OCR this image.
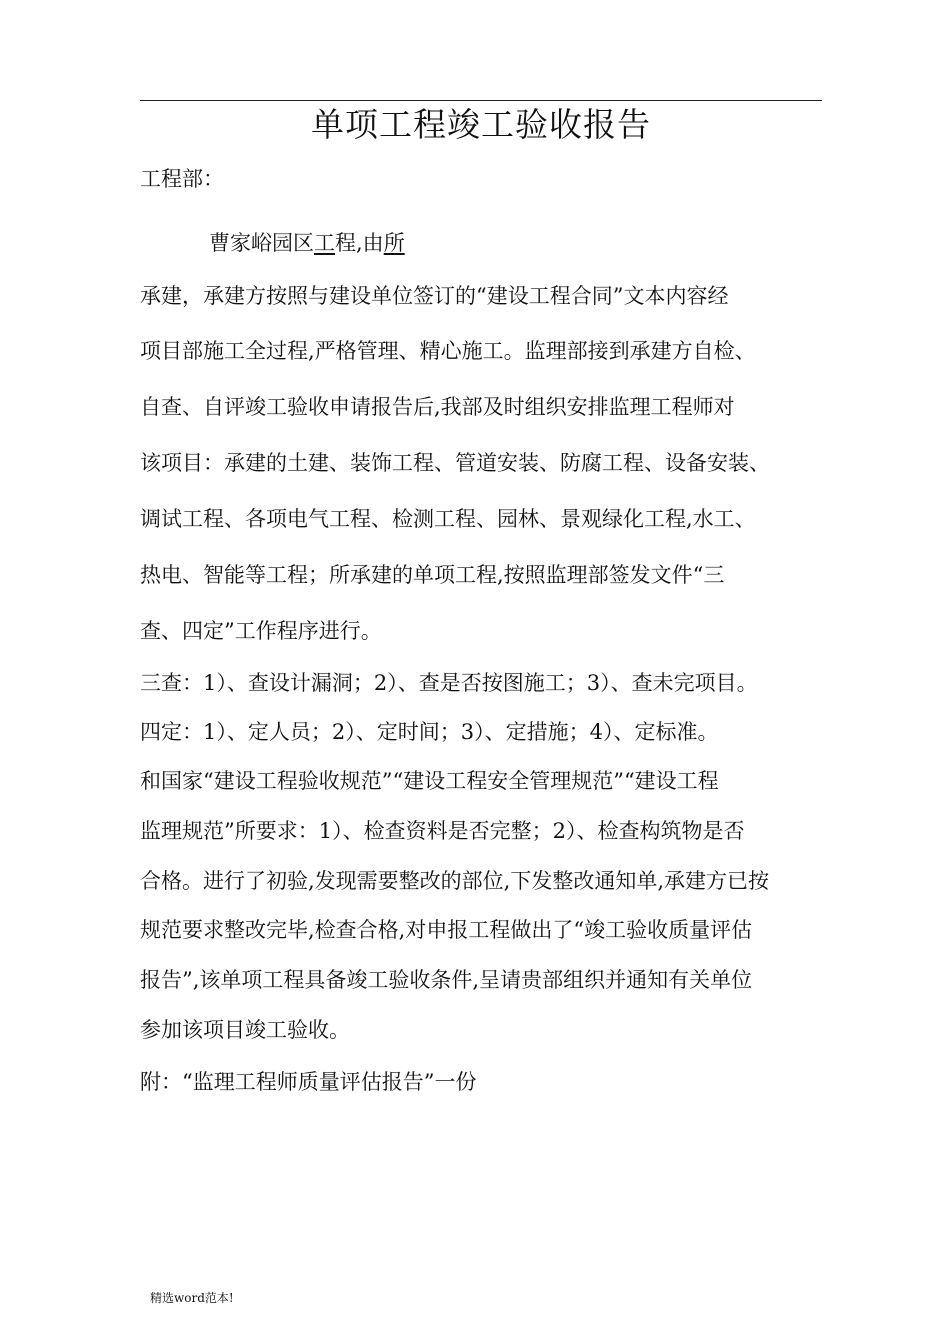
单项工程竣工验收报告
工程部：
曹家峪园区工程,由所
承建，承建方按照与建设单位签订的“建设工程合同”文本内容经
项目部施工全过程,严格管理、精心施工。监理部接到承建方自检、
自查、自评竣工验收申请报告后,我部及时组织安排监理工程师对
该项目：承建的土建、装饰工程、管道安装、防腐工程、设备安装、
调试工程、各项电气工程、检测工程、园林、景观绿化工程,水工、
热电、智能等工程；所承建的单项工程,按照监理部签发文件“三
查、四定”工作程序进行。
三查：1）、查设计漏洞；2）、查是否按图施工；3）、查未完项目。
四定：1）、定人员；2）、定时间；3）、定措施；4）、定标准。
和国家“建设工程验收规范”“建设工程安全管理规范”“建设工程
监理规范”所要求：1）、检查资料是否完整；2）、检查构筑物是否
合格。进行了初验,发现需要整改的部位,下发整改通知单,承建方已按
规范要求整改完毕,检查合格,对申报工程做出了“竣工验收质量评估
报告”,该单项工程具备竣工验收条件,呈请贵部组织并通知有关单位
参加该项目竣工验收。
附：“监理工程师质量评估报告”一份
精选word范本!
